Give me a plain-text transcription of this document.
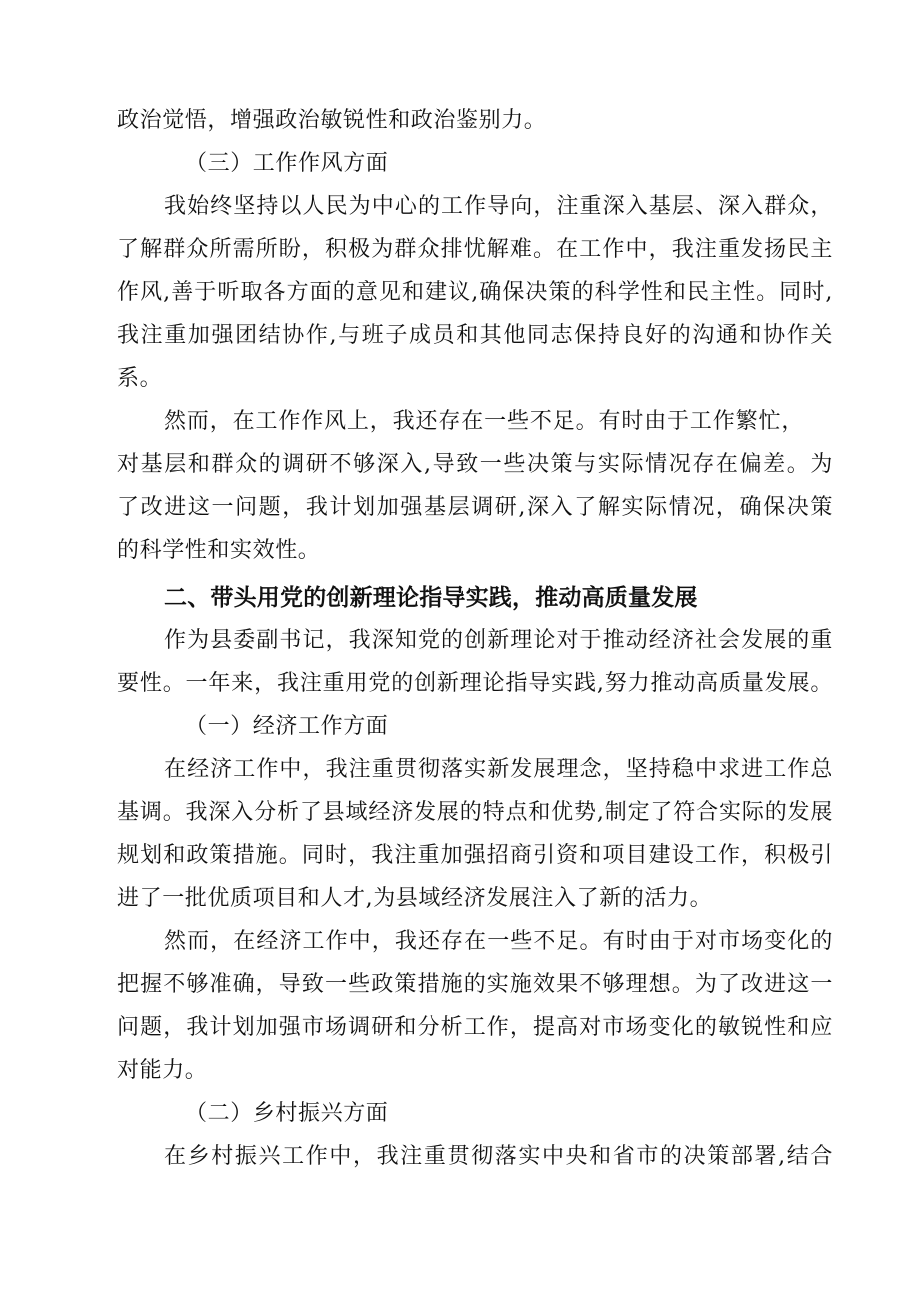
政治觉悟，增强政治敏锐性和政治鉴别力。
（三）工作作风方面
我始终坚持以人民为中心的工作导向，注重深入基层、深入群众，
了解群众所需所盼，积极为群众排忧解难。在工作中，我注重发扬民主
作风,善于听取各方面的意见和建议,确保决策的科学性和民主性。同时,
我注重加强团结协作,与班子成员和其他同志保持良好的沟通和协作关
系。
然而，在工作作风上，我还存在一些不足。有时由于工作繁忙，
对基层和群众的调研不够深入,导致一些决策与实际情况存在偏差。为
了改进这一问题，我计划加强基层调研,深入了解实际情况，确保决策
的科学性和实效性。
二、带头用党的创新理论指导实践，推动高质量发展
作为县委副书记，我深知党的创新理论对于推动经济社会发展的重
要性。一年来，我注重用党的创新理论指导实践,努力推动高质量发展。
（一）经济工作方面
在经济工作中，我注重贯彻落实新发展理念，坚持稳中求进工作总
基调。我深入分析了县域经济发展的特点和优势,制定了符合实际的发展
规划和政策措施。同时，我注重加强招商引资和项目建设工作，积极引
进了一批优质项目和人才,为县域经济发展注入了新的活力。
然而，在经济工作中，我还存在一些不足。有时由于对市场变化的
把握不够准确，导致一些政策措施的实施效果不够理想。为了改进这一
问题，我计划加强市场调研和分析工作，提高对市场变化的敏锐性和应
对能力。
（二）乡村振兴方面
在乡村振兴工作中，我注重贯彻落实中央和省市的决策部署,结合
